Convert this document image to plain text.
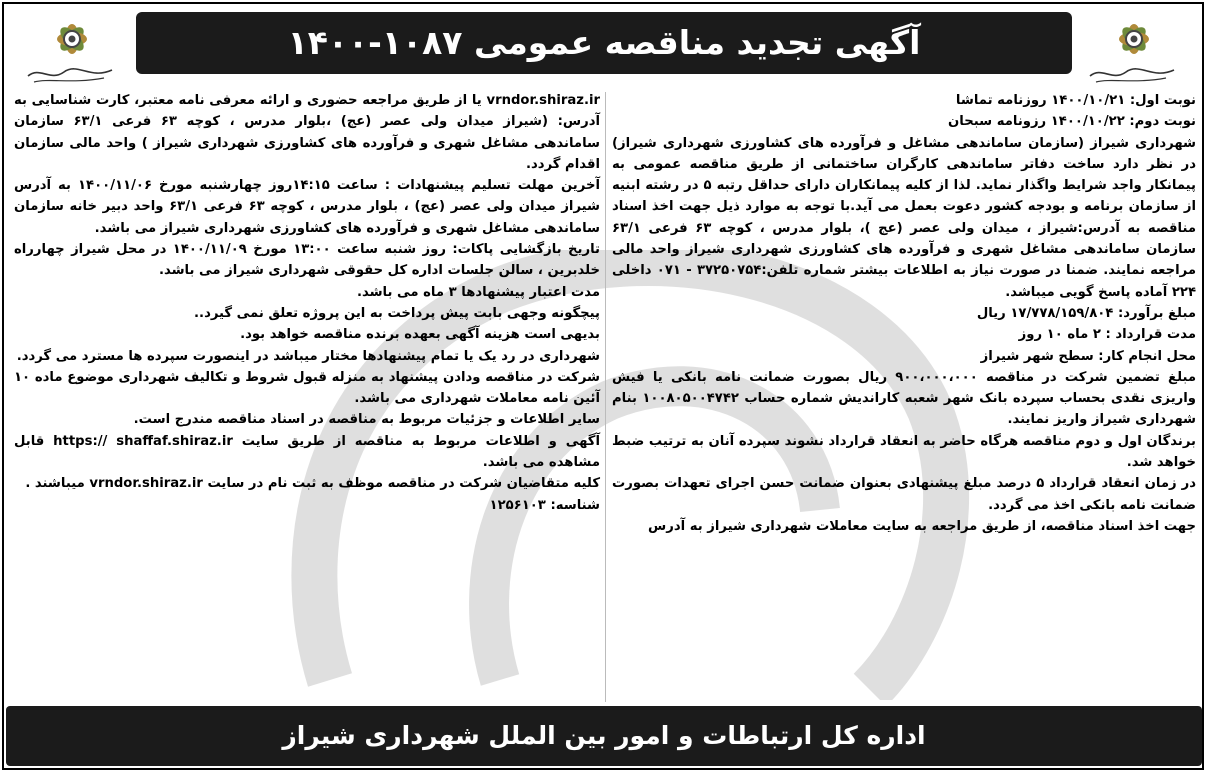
آگهی تجدید مناقصه عمومی ۱۰۸۷-۱۴۰۰

نوبت اول: ۱۴۰۰/۱۰/۲۱ روزنامه تماشا

نوبت دوم: ۱۴۰۰/۱۰/۲۲ رزونامه سبحان

شهرداری شیراز (سازمان ساماندهی مشاغل و فرآورده های کشاورزی شهرداری شیراز) در نظر دارد ساخت دفاتر ساماندهی کارگران ساختمانی از طریق مناقصه عمومی به پیمانکار واجد شرایط واگذار نماید. لذا از کلیه پیمانکاران دارای حداقل رتبه ۵ در رشته ابنیه از سازمان برنامه و بودجه کشور دعوت بعمل می آید.با توجه به موارد ذیل جهت اخذ اسناد مناقصه به آدرس:شیراز ، میدان ولی عصر (عج )، بلوار مدرس ، کوچه ۶۳ فرعی ۶۳/۱ سازمان ساماندهی مشاغل شهری و فرآورده های کشاورزی شهرداری شیراز واحد مالی مراجعه نمایند. ضمنا در صورت نیاز به اطلاعات بیشتر شماره تلفن:۳۷۲۵۰۷۵۴ - ۰۷۱ داخلی ۲۲۴ آماده پاسخ گویی میباشد.

مبلغ برآورد: ۱۷/۷۷۸/۱۵۹/۸۰۴ ریال

مدت قرارداد : ۲ ماه ۱۰ روز

محل انجام کار: سطح شهر شیراز

مبلغ تضمین شرکت در مناقصه ۹۰۰،۰۰۰،۰۰۰ ریال بصورت ضمانت نامه بانکی یا فیش واریزی نقدی بحساب سپرده بانک شهر شعبه کاراندیش شماره حساب ۱۰۰۸۰۵۰۰۴۷۴۲ بنام شهرداری شیراز واریز نمایند.

برندگان اول و دوم مناقصه هرگاه حاضر به انعقاد قرارداد نشوند سپرده آنان به ترتیب ضبط خواهد شد.

در زمان انعقاد قرارداد ۵ درصد مبلغ پیشنهادی بعنوان ضمانت حسن اجرای تعهدات بصورت ضمانت نامه بانکی اخذ می گردد.

جهت اخذ اسناد مناقصه، از طریق مراجعه به سایت معاملات شهرداری شیراز به آدرس

vrndor.shiraz.ir یا از طریق مراجعه حضوری و ارائه معرفی نامه معتبر، کارت شناسایی به آدرس: (شیراز میدان ولی عصر (عج) ،بلوار مدرس ، کوچه ۶۳ فرعی ۶۳/۱ سازمان ساماندهی مشاغل شهری و فرآورده های کشاورزی شهرداری شیراز ) واحد مالی سازمان اقدام گردد.

آخرین مهلت تسلیم پیشنهادات : ساعت ۱۴:۱۵روز چهارشنبه مورخ ۱۴۰۰/۱۱/۰۶ به آدرس شیراز میدان ولی عصر (عج) ، بلوار مدرس ، کوچه ۶۳ فرعی ۶۳/۱ واحد دبیر خانه سازمان ساماندهی مشاغل شهری و فرآورده های کشاورزی شهرداری شیراز می باشد.

تاریخ بازگشایی پاکات: روز شنبه ساعت ۱۳:۰۰ مورخ ۱۴۰۰/۱۱/۰۹ در محل شیراز چهارراه خلدبرین ، سالن جلسات اداره کل حقوقی شهرداری شیراز می باشد.

مدت اعتبار پیشنهادها ۳ ماه می باشد.

پیچگونه وجهی بابت پیش پرداخت به این پروژه تعلق نمی گیرد..

بدیهی است هزینه آگهی بعهده برنده مناقصه خواهد بود.

شهرداری در رد یک یا تمام پیشنهادها مختار میباشد در اینصورت سپرده ها مسترد می گردد.

شرکت در مناقصه ودادن پیشنهاد به منزله قبول شروط و تکالیف شهرداری موضوع ماده ۱۰ آئین نامه معاملات شهرداری می باشد.

سایر اطلاعات و جزئیات مربوط به مناقصه در اسناد مناقصه مندرج است.

آگهی و اطلاعات مربوط به مناقصه از طریق سایت https:// shaffaf.shiraz.ir قابل مشاهده می باشد.

کلیه متقاضیان شرکت در مناقصه موظف به ثبت نام در سایت vrndor.shiraz.ir میباشند .

شناسه: ۱۲۵۶۱۰۳

اداره کل ارتباطات و امور بین الملل شهرداری شیراز
